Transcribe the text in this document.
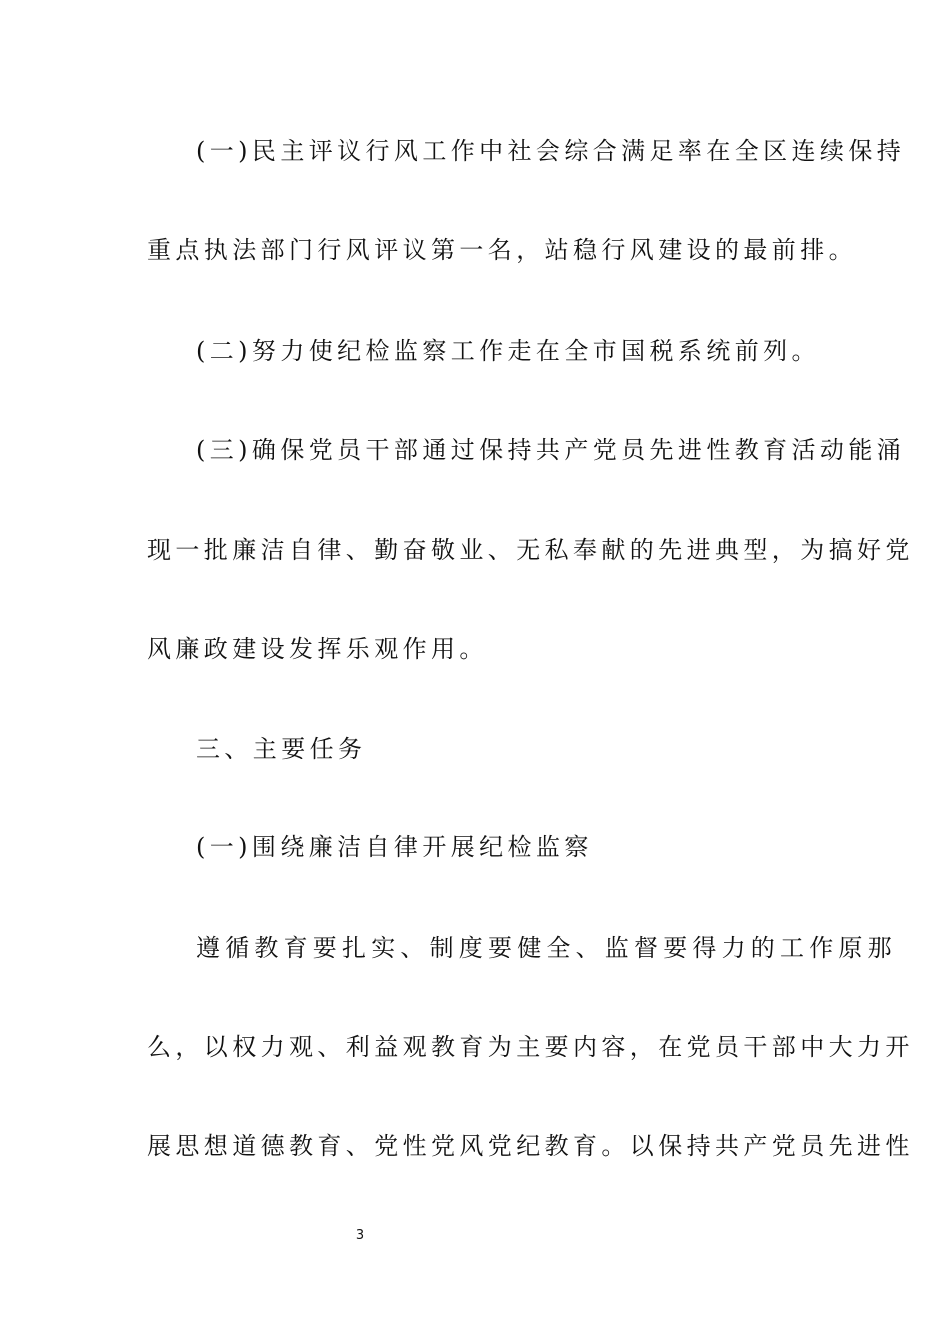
(一)民主评议行风工作中社会综合满足率在全区连续保持

重点执法部门行风评议第一名，站稳行风建设的最前排。

(二)努力使纪检监察工作走在全市国税系统前列。

(三)确保党员干部通过保持共产党员先进性教育活动能涌

现一批廉洁自律、勤奋敬业、无私奉献的先进典型，为搞好党

风廉政建设发挥乐观作用。

三、主要任务

(一)围绕廉洁自律开展纪检监察

遵循教育要扎实、制度要健全、监督要得力的工作原那

么，以权力观、利益观教育为主要内容，在党员干部中大力开

展思想道德教育、党性党风党纪教育。以保持共产党员先进性

3
